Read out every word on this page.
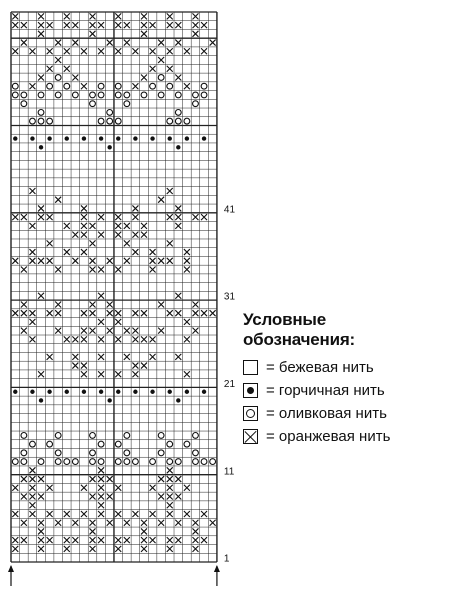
1
11
21
31
41
Условные
обозначения:
= бежевая нить
= горчичная нить
= оливковая нить
= оранжевая нить
